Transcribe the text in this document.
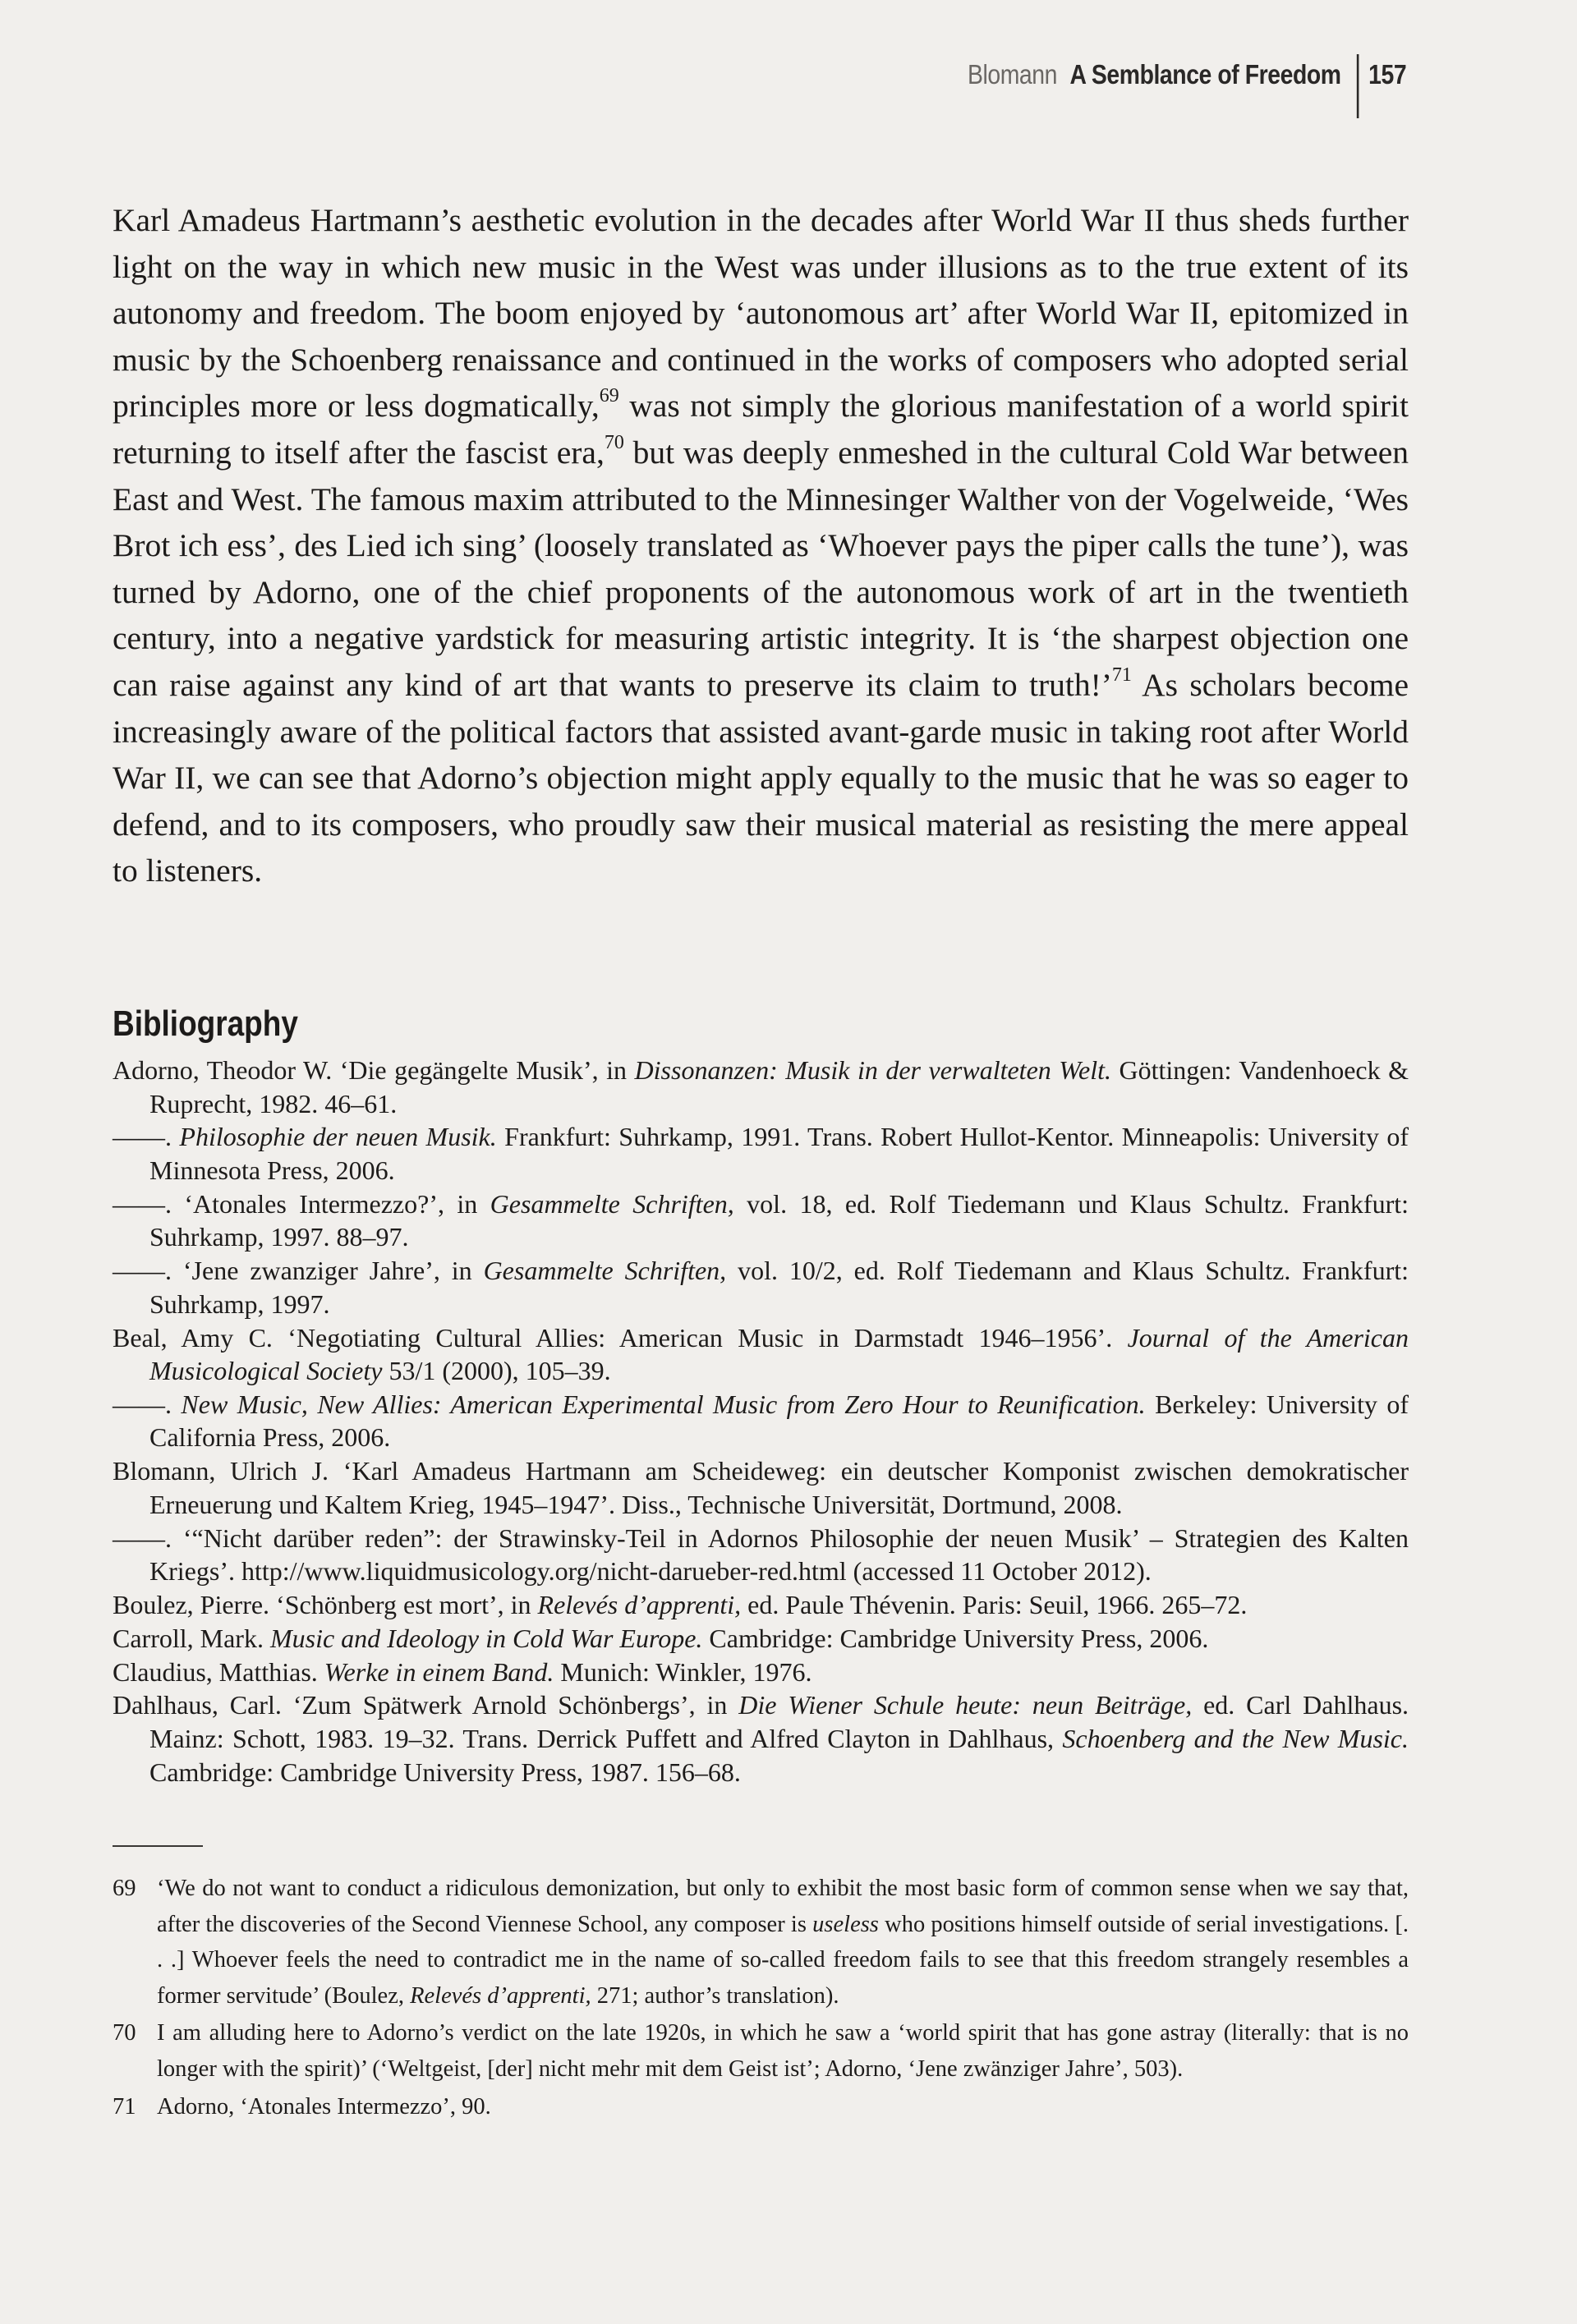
Blomann A Semblance of Freedom 157

Karl Amadeus Hartmann’s aesthetic evolution in the decades after World War II thus sheds further light on the way in which new music in the West was under illusions as to the true extent of its autonomy and freedom. The boom enjoyed by ‘autonomous art’ after World War II, epitomized in music by the Schoenberg renaissance and continued in the works of composers who adopted serial principles more or less dogmatically,$^{69}$ was not simply the glorious manifestation of a world spirit returning to itself after the fascist era,$^{70}$ but was deeply enmeshed in the cultural Cold War between East and West. The famous maxim attributed to the Minnesinger Walther von der Vogelweide, ‘Wes Brot ich ess’, des Lied ich sing’ (loosely translated as ‘Whoever pays the piper calls the tune’), was turned by Adorno, one of the chief proponents of the autonomous work of art in the twentieth century, into a negative yardstick for measuring artistic integrity. It is ‘the sharpest objection one can raise against any kind of art that wants to preserve its claim to truth!’$^{71}$ As scholars become increasingly aware of the political factors that assisted avant-garde music in taking root after World War II, we can see that Adorno’s objection might apply equally to the music that he was so eager to defend, and to its composers, who proudly saw their musical material as resisting the mere appeal to listeners.

Bibliography

Adorno, Theodor W. ‘Die gegängelte Musik’, in Dissonanzen: Musik in der verwalteten Welt. Göttingen: Vandenhoeck & Ruprecht, 1982. 46–61.

——. Philosophie der neuen Musik. Frankfurt: Suhrkamp, 1991. Trans. Robert Hullot-Kentor. Minneapolis: University of Minnesota Press, 2006.

——. ‘Atonales Intermezzo?’, in Gesammelte Schriften, vol. 18, ed. Rolf Tiedemann und Klaus Schultz. Frankfurt: Suhrkamp, 1997. 88–97.

——. ‘Jene zwanziger Jahre’, in Gesammelte Schriften, vol. 10/2, ed. Rolf Tiedemann and Klaus Schultz. Frankfurt: Suhrkamp, 1997.

Beal, Amy C. ‘Negotiating Cultural Allies: American Music in Darmstadt 1946–1956’. Journal of the American Musicological Society 53/1 (2000), 105–39.

——. New Music, New Allies: American Experimental Music from Zero Hour to Reunification. Berkeley: University of California Press, 2006.

Blomann, Ulrich J. ‘Karl Amadeus Hartmann am Scheideweg: ein deutscher Komponist zwischen demokratischer Erneuerung und Kaltem Krieg, 1945–1947’. Diss., Technische Universität, Dortmund, 2008.

——. ‘“Nicht darüber reden”: der Strawinsky-Teil in Adornos Philosophie der neuen Musik’ – Strategien des Kalten Kriegs’. http://www.liquidmusicology.org/nicht-darueber-red.html (accessed 11 October 2012).

Boulez, Pierre. ‘Schönberg est mort’, in Relevés d’apprenti, ed. Paule Thévenin. Paris: Seuil, 1966. 265–72.

Carroll, Mark. Music and Ideology in Cold War Europe. Cambridge: Cambridge University Press, 2006.

Claudius, Matthias. Werke in einem Band. Munich: Winkler, 1976.

Dahlhaus, Carl. ‘Zum Spätwerk Arnold Schönbergs’, in Die Wiener Schule heute: neun Beiträge, ed. Carl Dahlhaus. Mainz: Schott, 1983. 19–32. Trans. Derrick Puffett and Alfred Clayton in Dahlhaus, Schoenberg and the New Music. Cambridge: Cambridge University Press, 1987. 156–68.

69 ‘We do not want to conduct a ridiculous demonization, but only to exhibit the most basic form of common sense when we say that, after the discoveries of the Second Viennese School, any composer is useless who positions himself outside of serial investigations. [. . .] Whoever feels the need to contradict me in the name of so-called freedom fails to see that this freedom strangely resembles a former servitude’ (Boulez, Relevés d’apprenti, 271; author’s translation).
70 I am alluding here to Adorno’s verdict on the late 1920s, in which he saw a ‘world spirit that has gone astray (literally: that is no longer with the spirit)’ (‘Weltgeist, [der] nicht mehr mit dem Geist ist’; Adorno, ‘Jene zwänziger Jahre’, 503).
71 Adorno, ‘Atonales Intermezzo’, 90.
